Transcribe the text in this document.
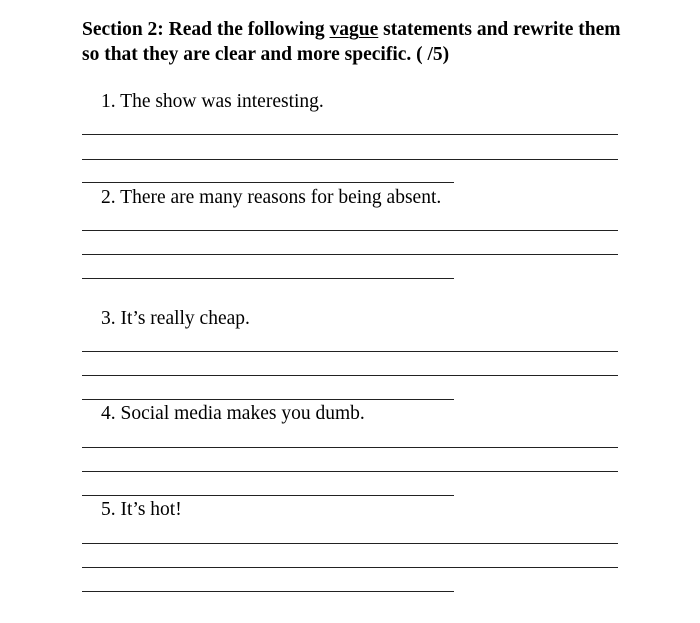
Section 2: Read the following vague statements and rewrite them so that they are clear and more specific. ( /5)
1. The show was interesting.
2. There are many reasons for being absent.
3. It’s really cheap.
4. Social media makes you dumb.
5. It’s hot!
